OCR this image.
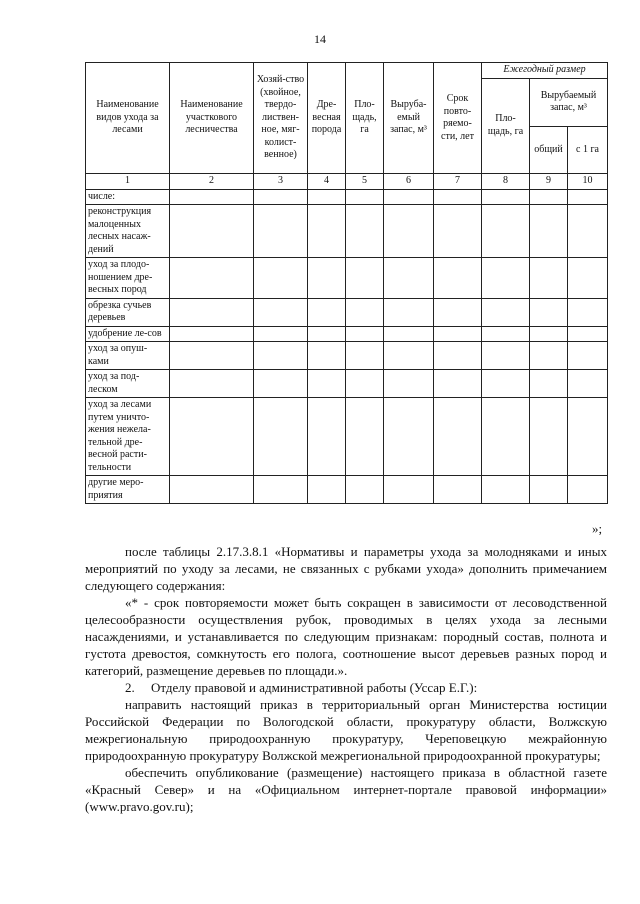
14
Наименование видов ухода за лесами	Наименование участкового лесничества	Хозяй-ство (хвойное, твердо-листвен-ное, мяг-колист-венное)	Дре-весная порода	Пло-щадь, га	Выруба-емый запас, м³	Срок повто-ряемо-сти, лет	Ежегодный размер		
							Пло-щадь, га	Вырубаемый запас, м³	
								общий	с 1 га
1	2	3	4	5	6	7	8	9	10
числе:									
реконструкция малоценных лесных насаж-дений									
уход за плодо-ношением дре-весных пород									
обрезка сучьев деревьев									
удобрение ле-сов									
уход за опуш-ками									
уход за под-леском									
уход за лесами путем уничто-жения нежела-тельной дре-весной расти-тельности									
другие меро-приятия									
»;

после таблицы 2.17.3.8.1 «Нормативы и параметры ухода за молодняками и иных мероприятий по уходу за лесами, не связанных с рубками ухода» дополнить примечанием следующего содержания:

«* - срок повторяемости может быть сокращен в зависимости от лесоводственной целесообразности осуществления рубок, проводимых в целях ухода за лесными насаждениями, и устанавливается по следующим признакам: породный состав, полнота и густота древостоя, сомкнутость его полога, соотношение высот деревьев разных пород и категорий, размещение деревьев по площади.».

2.     Отделу правовой и административной работы (Уссар Е.Г.):

направить настоящий приказ в территориальный орган Министерства юстиции Российской Федерации по Вологодской области, прокуратуру области, Волжскую межрегиональную природоохранную прокуратуру, Череповецкую межрайонную природоохранную прокуратуру Волжской межрегиональной природоохранной прокуратуры;

обеспечить опубликование (размещение) настоящего приказа в областной газете «Красный Север» и на «Официальном интернет-портале правовой информации» (www.pravo.gov.ru);
